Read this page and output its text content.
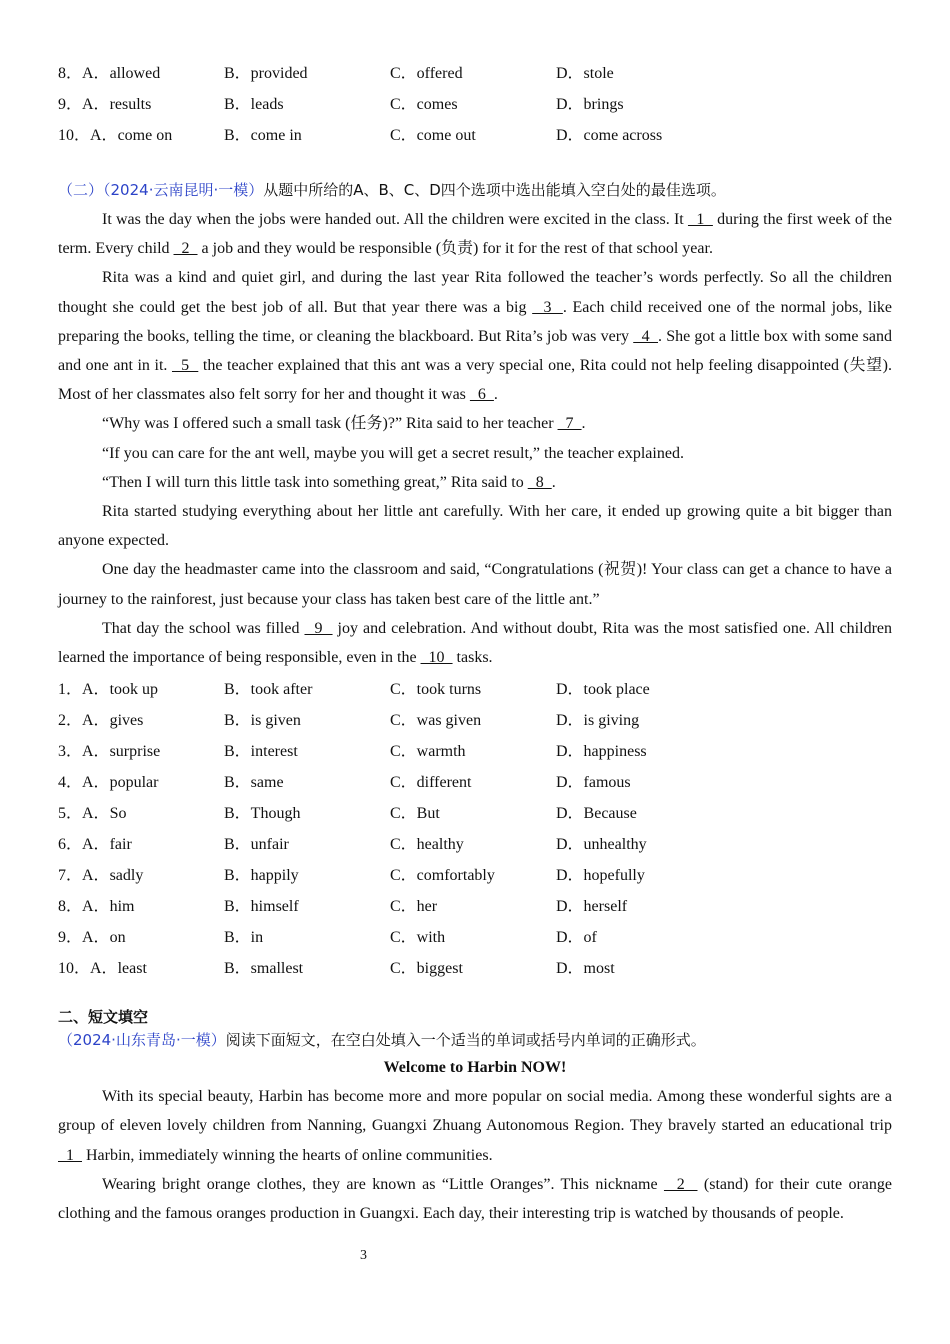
8．A．allowed	B．provided	C．offered	D．stole
9．A．results	B．leads	C．comes	D．brings
10．A．come on	B．come in	C．come out	D．come across
（二）（2024·云南昆明·一模）从题中所给的A、B、C、D四个选项中选出能填入空白处的最佳选项。

It was the day when the jobs were handed out. All the children were excited in the class. It   1   during the first week of the term. Every child   2   a job and they would be responsible (负责) for it for the rest of that school year.

Rita was a kind and quiet girl, and during the last year Rita followed the teacher’s words perfectly. So all the children thought she could get the best job of all. But that year there was a big   3  . Each child received one of the normal jobs, like preparing the books, telling the time, or cleaning the blackboard. But Rita’s job was very   4  . She got a little box with some sand and one ant in it.   5   the teacher explained that this ant was a very special one, Rita could not help feeling disappointed (失望). Most of her classmates also felt sorry for her and thought it was   6  .

“Why was I offered such a small task (任务)?” Rita said to her teacher   7  .

“If you can care for the ant well, maybe you will get a secret result,” the teacher explained.

“Then I will turn this little task into something great,” Rita said to   8  .

Rita started studying everything about her little ant carefully. With her care, it ended up growing quite a bit bigger than anyone expected.

One day the headmaster came into the classroom and said, “Congratulations (祝贺)! Your class can get a chance to have a journey to the rainforest, just because your class has taken best care of the little ant.”

That day the school was filled   9   joy and celebration. And without doubt, Rita was the most satisfied one. All children learned the importance of being responsible, even in the   10   tasks.

1．A．took up	B．took after	C．took turns	D．took place
2．A．gives	B．is given	C．was given	D．is giving
3．A．surprise	B．interest	C．warmth	D．happiness
4．A．popular	B．same	C．different	D．famous
5．A．So	B．Though	C．But	D．Because
6．A．fair	B．unfair	C．healthy	D．unhealthy
7．A．sadly	B．happily	C．comfortably	D．hopefully
8．A．him	B．himself	C．her	D．herself
9．A．on	B．in	C．with	D．of
10．A．least	B．smallest	C．biggest	D．most
二、短文填空
（2024·山东青岛·一模）阅读下面短文，在空白处填入一个适当的单词或括号内单词的正确形式。
Welcome to Harbin NOW!

With its special beauty, Harbin has become more and more popular on social media. Among these wonderful sights are a group of eleven lovely children from Nanning, Guangxi Zhuang Autonomous Region. They bravely started an educational trip   1   Harbin, immediately winning the hearts of online communities.

Wearing bright orange clothes, they are known as “Little Oranges”. This nickname   2   (stand) for their cute orange clothing and the famous oranges production in Guangxi. Each day, their interesting trip is watched by thousands of people.

3
